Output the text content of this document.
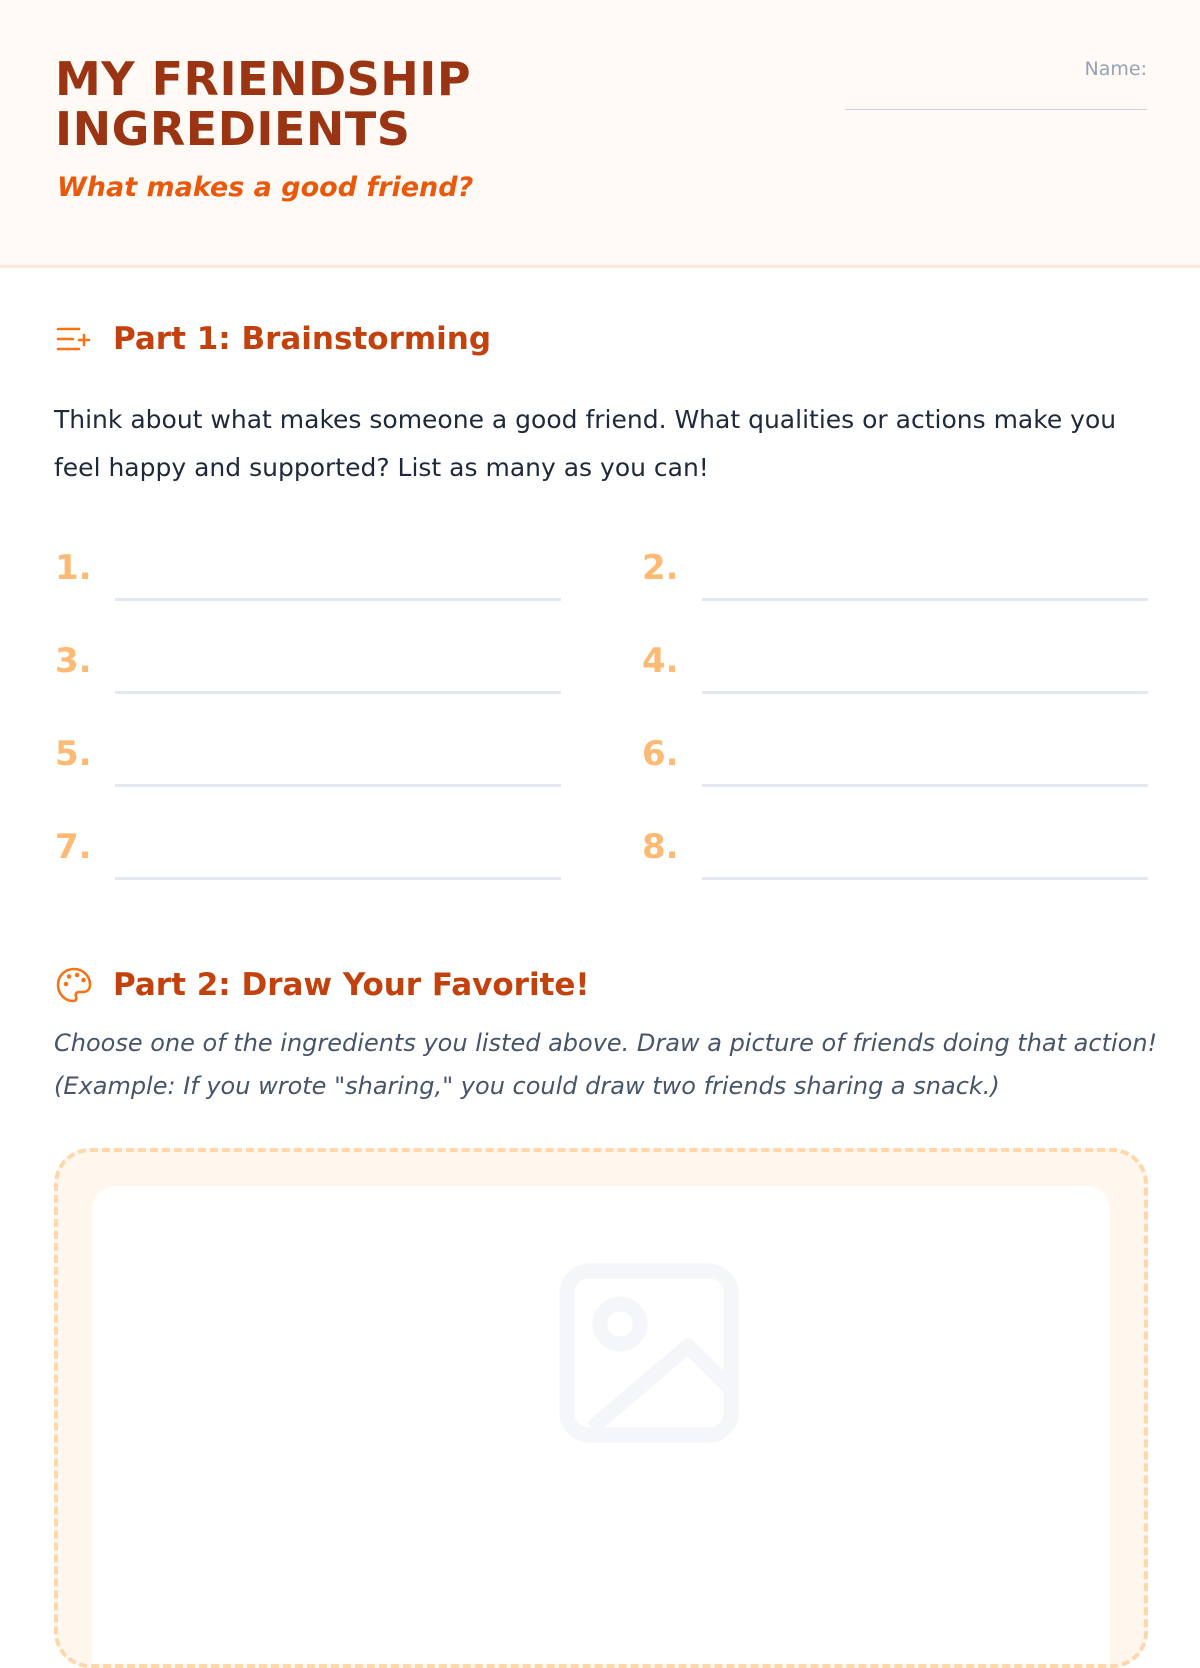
MY FRIENDSHIP INGREDIENTS

What makes a good friend?

Name:
Part 1: Brainstorming

Think about what makes someone a good friend. What qualities or actions make you feel happy and supported? List as many as you can!

1.	2.
3.	4.
5.	6.
7.	8.
Part 2: Draw Your Favorite!

Choose one of the ingredients you listed above. Draw a picture of friends doing that action! (Example: If you wrote "sharing," you could draw two friends sharing a snack.)
